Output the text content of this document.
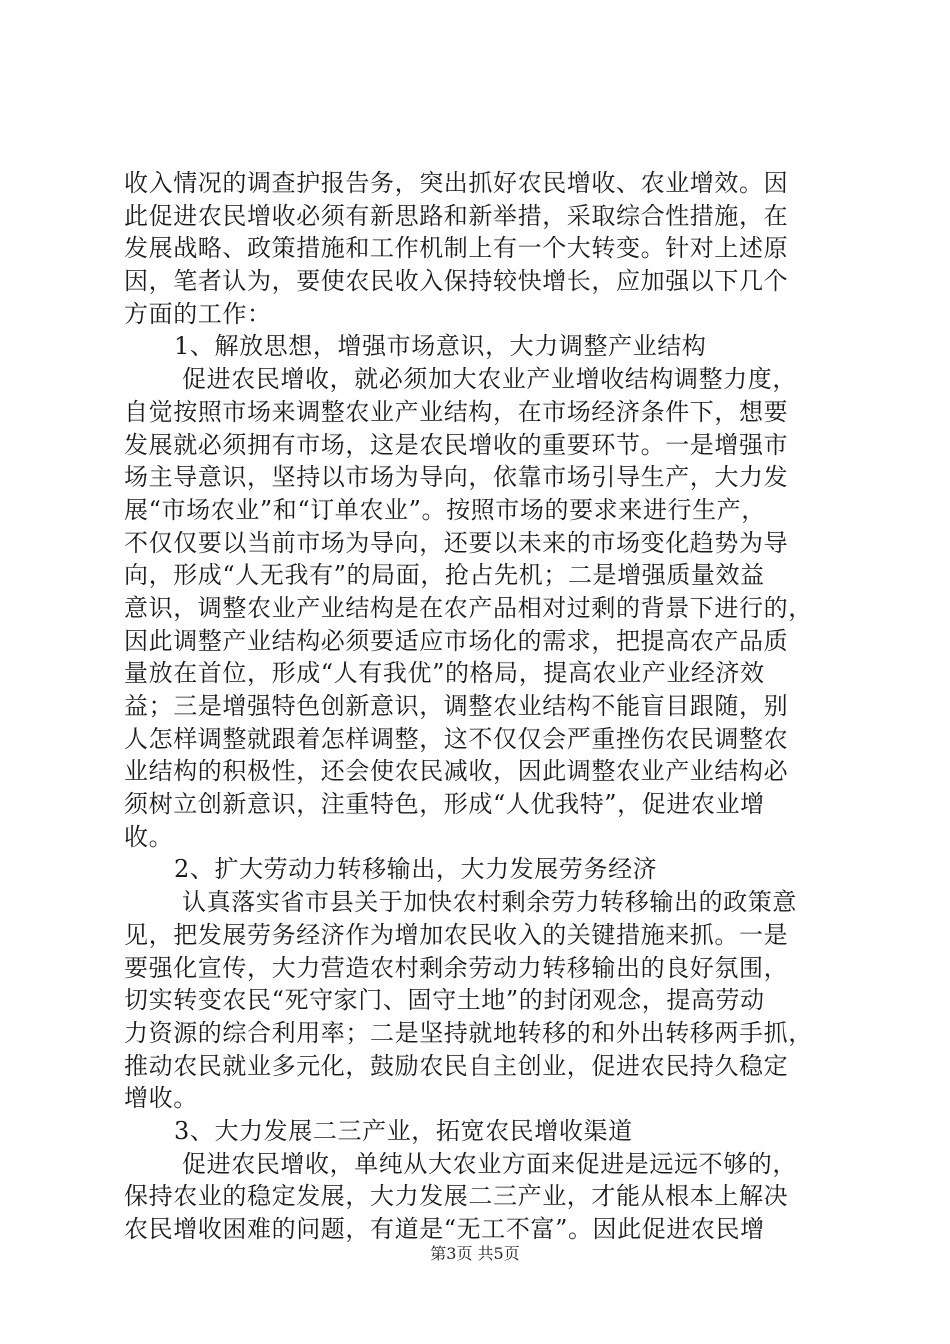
收入情况的调查护报告务，突出抓好农民增收、农业增效。因
此促进农民增收必须有新思路和新举措，采取综合性措施，在
发展战略、政策措施和工作机制上有一个大转变。针对上述原
因，笔者认为，要使农民收入保持较快增长，应加强以下几个
方面的工作：
1、解放思想，增强市场意识，大力调整产业结构
促进农民增收，就必须加大农业产业增收结构调整力度，
自觉按照市场来调整农业产业结构，在市场经济条件下，想要
发展就必须拥有市场，这是农民增收的重要环节。一是增强市
场主导意识，坚持以市场为导向，依靠市场引导生产，大力发
展“市场农业”和“订单农业”。按照市场的要求来进行生产，
不仅仅要以当前市场为导向，还要以未来的市场变化趋势为导
向，形成“人无我有”的局面，抢占先机；二是增强质量效益
意识，调整农业产业结构是在农产品相对过剩的背景下进行的，
因此调整产业结构必须要适应市场化的需求，把提高农产品质
量放在首位，形成“人有我优”的格局，提高农业产业经济效
益；三是增强特色创新意识，调整农业结构不能盲目跟随，别
人怎样调整就跟着怎样调整，这不仅仅会严重挫伤农民调整农
业结构的积极性，还会使农民减收，因此调整农业产业结构必
须树立创新意识，注重特色，形成“人优我特”，促进农业增
收。
2、扩大劳动力转移输出，大力发展劳务经济
认真落实省市县关于加快农村剩余劳力转移输出的政策意
见，把发展劳务经济作为增加农民收入的关键措施来抓。一是
要强化宣传，大力营造农村剩余劳动力转移输出的良好氛围，
切实转变农民“死守家门、固守土地”的封闭观念，提高劳动
力资源的综合利用率；二是坚持就地转移的和外出转移两手抓，
推动农民就业多元化，鼓励农民自主创业，促进农民持久稳定
增收。
3、大力发展二三产业，拓宽农民增收渠道
促进农民增收，单纯从大农业方面来促进是远远不够的，
保持农业的稳定发展，大力发展二三产业，才能从根本上解决
农民增收困难的问题，有道是“无工不富”。因此促进农民增
第3页 共5页
